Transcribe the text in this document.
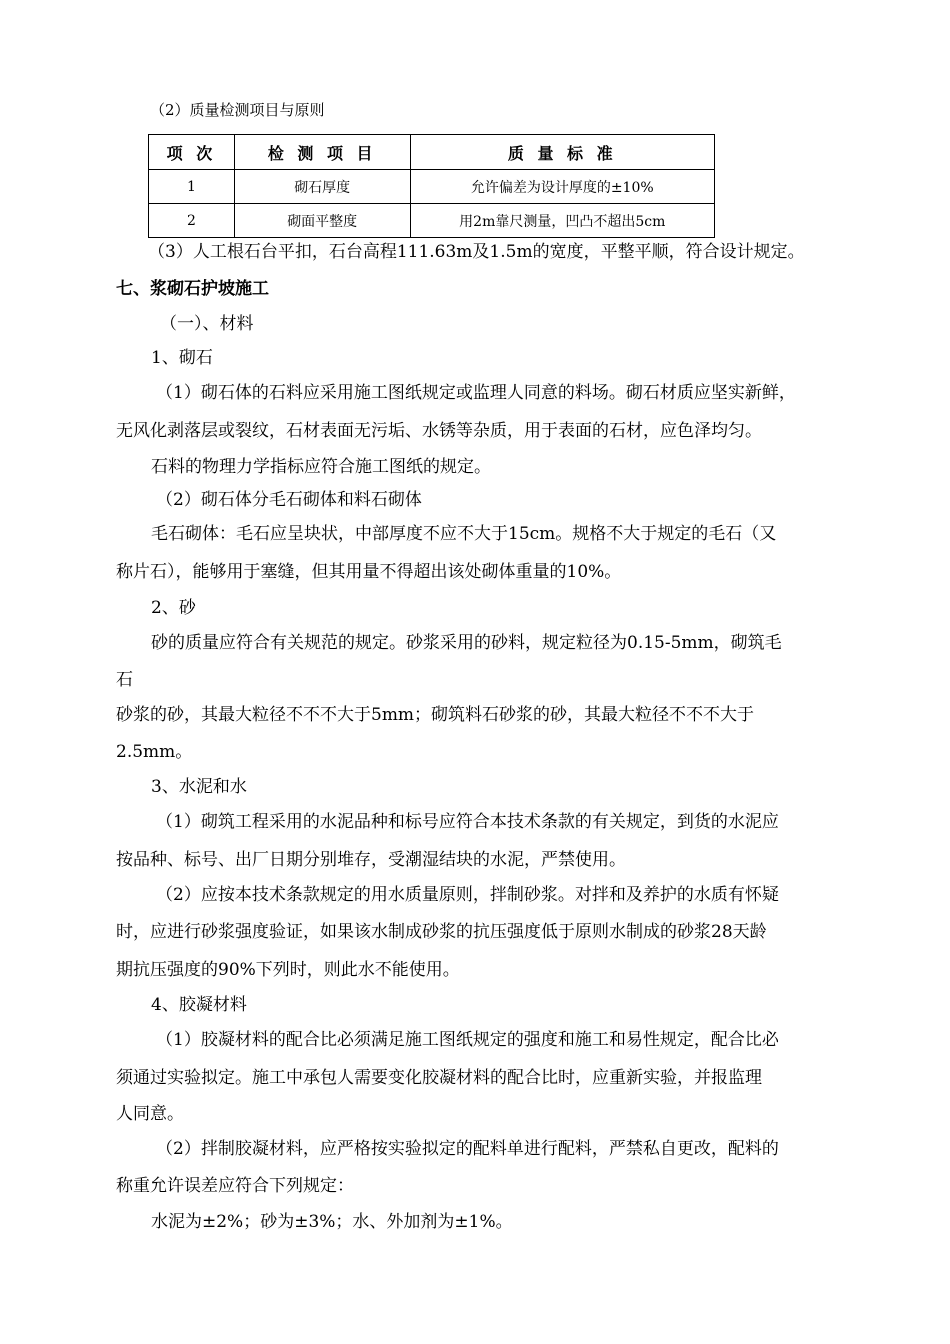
（2）质量检测项目与原则
项 次	检 测 项 目	质 量 标 准
1	砌石厚度	允许偏差为设计厚度的±10%
2	砌面平整度	用2m靠尺测量，凹凸不超出5cm
（3）人工根石台平扣，石台高程111.63m及1.5m的宽度，平整平顺，符合设计规定。
七、浆砌石护坡施工
（一）、材料
1、砌石
（1）砌石体的石料应采用施工图纸规定或监理人同意的料场。砌石材质应坚实新鲜，
无风化剥落层或裂纹，石材表面无污垢、水锈等杂质，用于表面的石材，应色泽均匀。
石料的物理力学指标应符合施工图纸的规定。
（2）砌石体分毛石砌体和料石砌体
毛石砌体：毛石应呈块状，中部厚度不应不大于15cm。规格不大于规定的毛石（又
称片石），能够用于塞缝，但其用量不得超出该处砌体重量的10%。
2、砂
砂的质量应符合有关规范的规定。砂浆采用的砂料，规定粒径为0.15-5mm，砌筑毛
石
砂浆的砂，其最大粒径不不不大于5mm；砌筑料石砂浆的砂，其最大粒径不不不大于
2.5mm。
3、水泥和水
（1）砌筑工程采用的水泥品种和标号应符合本技术条款的有关规定，到货的水泥应
按品种、标号、出厂日期分别堆存，受潮湿结块的水泥，严禁使用。
（2）应按本技术条款规定的用水质量原则，拌制砂浆。对拌和及养护的水质有怀疑
时，应进行砂浆强度验证，如果该水制成砂浆的抗压强度低于原则水制成的砂浆28天龄
期抗压强度的90%下列时，则此水不能使用。
4、胶凝材料
（1）胶凝材料的配合比必须满足施工图纸规定的强度和施工和易性规定，配合比必
须通过实验拟定。施工中承包人需要变化胶凝材料的配合比时，应重新实验，并报监理
人同意。
（2）拌制胶凝材料，应严格按实验拟定的配料单进行配料，严禁私自更改，配料的
称重允许误差应符合下列规定：
水泥为±2%；砂为±3%；水、外加剂为±1%。
